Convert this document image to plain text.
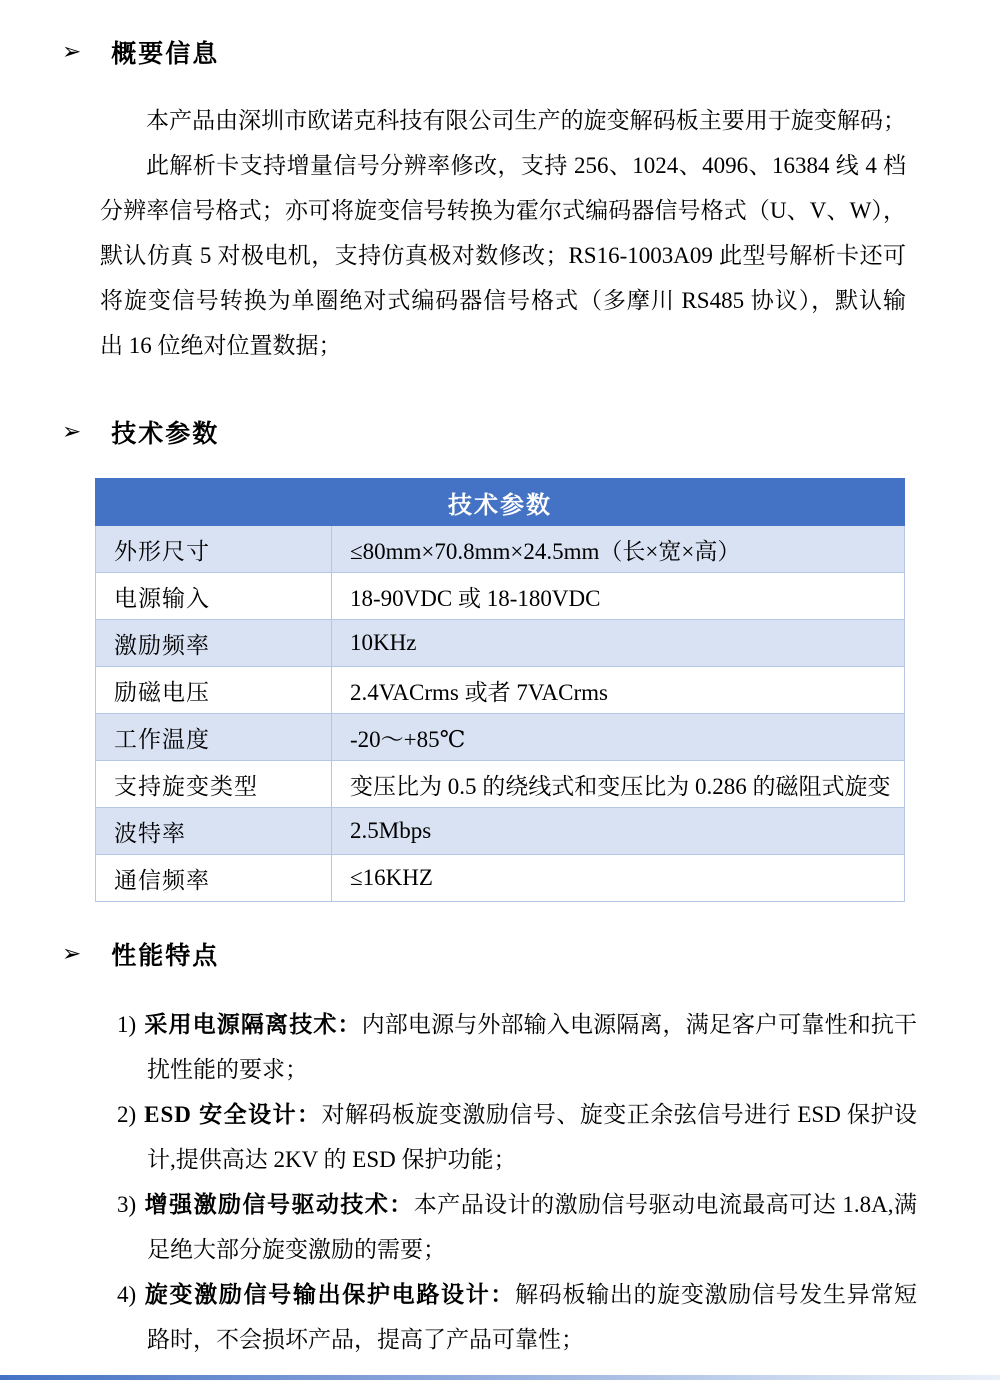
➢ 概要信息
本产品由深圳市欧诺克科技有限公司生产的旋变解码板主要用于旋变解码；
此解析卡支持增量信号分辨率修改，支持 256、1024、4096、16384 线 4 档
分辨率信号格式；亦可将旋变信号转换为霍尔式编码器信号格式（U、V、W），
默认仿真 5 对极电机，支持仿真极对数修改；RS16-1003A09 此型号解析卡还可
将旋变信号转换为单圈绝对式编码器信号格式（多摩川 RS485 协议），默认输
出 16 位绝对位置数据；
➢ 技术参数
技术参数	
外形尺寸	≤80mm×70.8mm×24.5mm（长×宽×高）
电源输入	18-90VDC 或 18-180VDC
激励频率	10KHz
励磁电压	2.4VACrms 或者 7VACrms
工作温度	-20～+85℃
支持旋变类型	变压比为 0.5 的绕线式和变压比为 0.286 的磁阻式旋变
波特率	2.5Mbps
通信频率	≤16KHZ
➢ 性能特点
1) 采用电源隔离技术：内部电源与外部输入电源隔离，满足客户可靠性和抗干扰性能的要求；
2) ESD 安全设计：对解码板旋变激励信号、旋变正余弦信号进行 ESD 保护设计,提供高达 2KV 的 ESD 保护功能；
3) 增强激励信号驱动技术：本产品设计的激励信号驱动电流最高可达 1.8A,满足绝大部分旋变激励的需要；
4) 旋变激励信号输出保护电路设计：解码板输出的旋变激励信号发生异常短路时，不会损坏产品，提高了产品可靠性；
